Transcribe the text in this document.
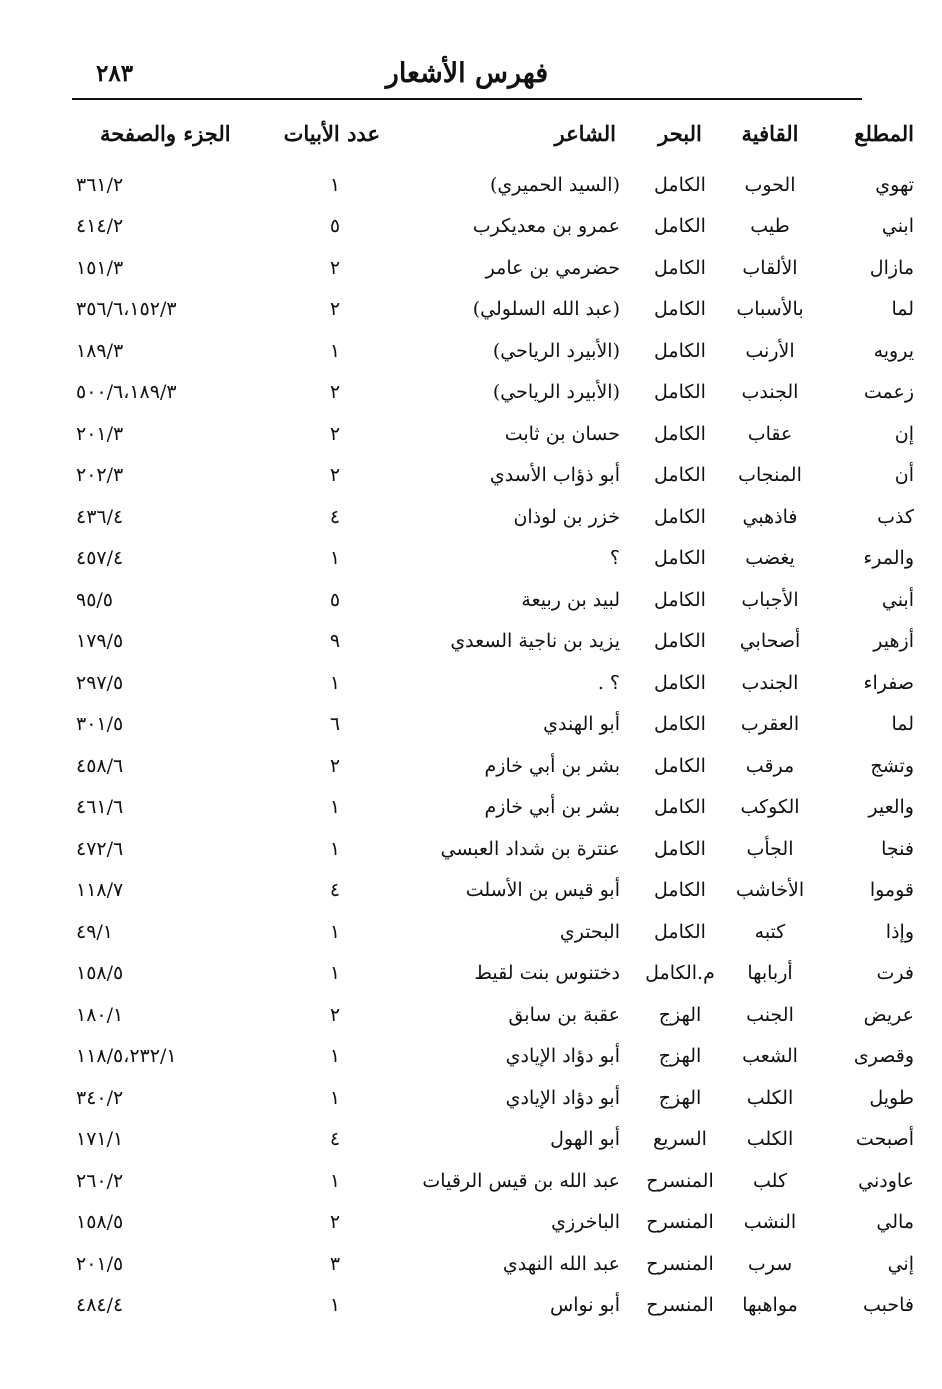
٢٨٣	فهرس الأشعار
المطلع	القافية	البحر	الشاعر	عدد الأبيات	الجزء والصفحة
تهوي	الحوب	الكامل	(السيد الحميري)	١	٣٦١/٢
ابني	طيب	الكامل	عمرو بن معديكرب	٥	٤١٤/٢
مازال	الألقاب	الكامل	حضرمي بن عامر	٢	١٥١/٣
لما	بالأسباب	الكامل	(عبد الله السلولي)	٢	٣٥٦/٦،١٥٢/٣
يرويه	الأرنب	الكامل	(الأبيرد الرياحي)	١	١٨٩/٣
زعمت	الجندب	الكامل	(الأبيرد الرياحي)	٢	٥٠٠/٦،١٨٩/٣
إن	عقاب	الكامل	حسان بن ثابت	٢	٢٠١/٣
أن	المنجاب	الكامل	أبو ذؤاب الأسدي	٢	٢٠٢/٣
كذب	فاذهبي	الكامل	خزر بن لوذان	٤	٤٣٦/٤
والمرء	يغضب	الكامل	؟	١	٤٥٧/٤
أبني	الأجباب	الكامل	لبيد بن ربيعة	٥	٩٥/٥
أزهير	أصحابي	الكامل	يزيد بن ناجية السعدي	٩	١٧٩/٥
صفراء	الجندب	الكامل	؟ .	١	٢٩٧/٥
لما	العقرب	الكامل	أبو الهندي	٦	٣٠١/٥
وتشج	مرقب	الكامل	بشر بن أبي خازم	٢	٤٥٨/٦
والعير	الكوكب	الكامل	بشر بن أبي خازم	١	٤٦١/٦
فنجا	الجأب	الكامل	عنترة بن شداد العبسي	١	٤٧٢/٦
قوموا	الأخاشب	الكامل	أبو قيس بن الأسلت	٤	١١٨/٧
وإذا	كتبه	الكامل	البحتري	١	٤٩/١
فرت	أربابها	م.الكامل	دختنوس بنت لقيط	١	١٥٨/٥
عريض	الجنب	الهزج	عقبة بن سابق	٢	١٨٠/١
وقصرى	الشعب	الهزج	أبو دؤاد الإيادي	١	١١٨/٥،٢٣٢/١
طويل	الكلب	الهزج	أبو دؤاد الإيادي	١	٣٤٠/٢
أصبحت	الكلب	السريع	أبو الهول	٤	١٧١/١
عاودني	كلب	المنسرح	عبد الله بن قيس الرقيات	١	٢٦٠/٢
مالي	النشب	المنسرح	الباخرزي	٢	١٥٨/٥
إني	سرب	المنسرح	عبد الله النهدي	٣	٢٠١/٥
فاحبب	مواهبها	المنسرح	أبو نواس	١	٤٨٤/٤
